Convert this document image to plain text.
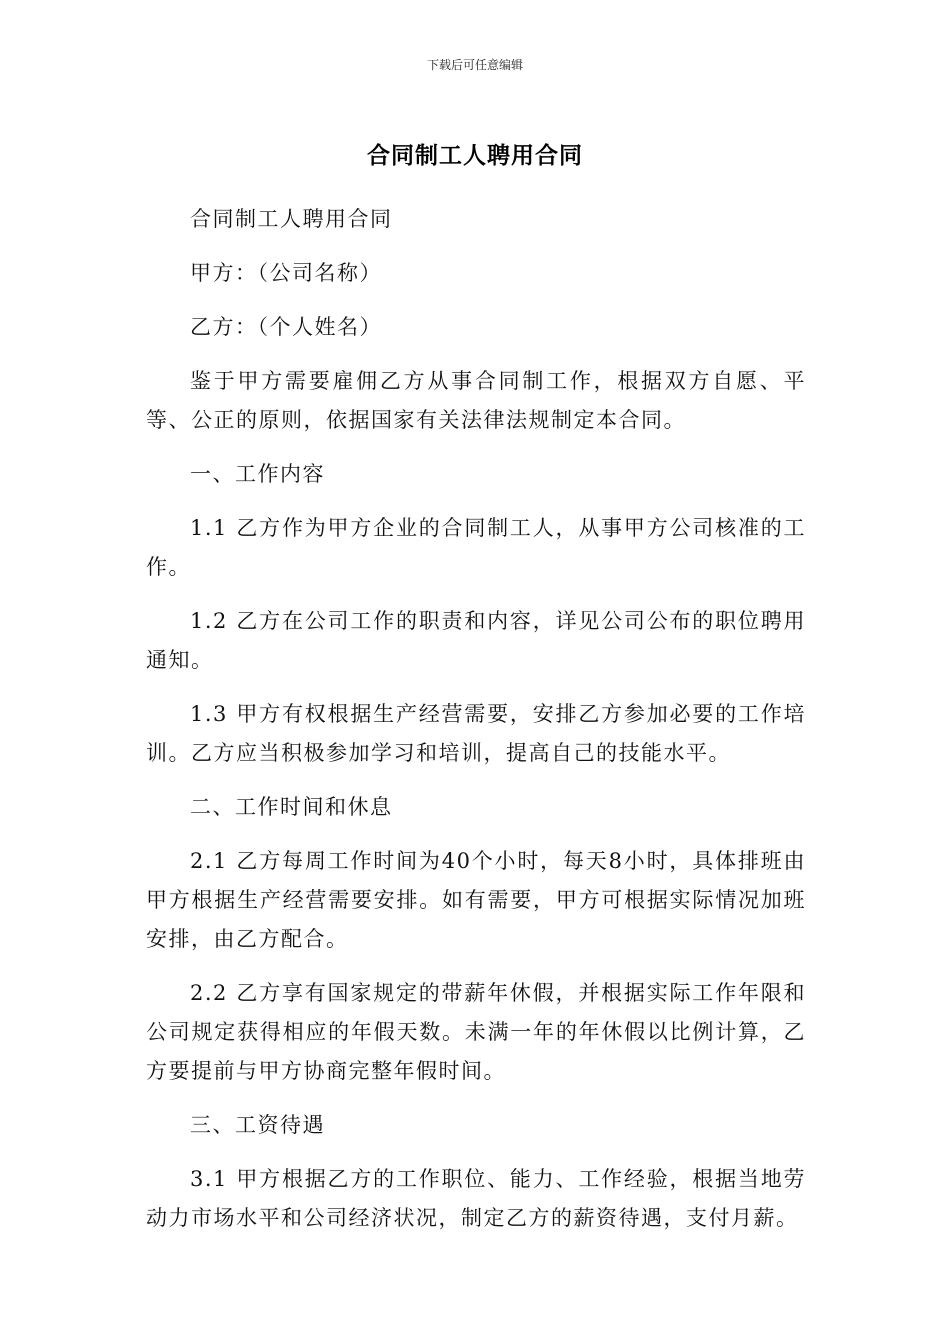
下载后可任意编辑
合同制工人聘用合同

合同制工人聘用合同

甲方：（公司名称）

乙方：（个人姓名）

鉴于甲方需要雇佣乙方从事合同制工作，根据双方自愿、平等、公正的原则，依据国家有关法律法规制定本合同。

一、工作内容

1.1 乙方作为甲方企业的合同制工人，从事甲方公司核准的工作。

1.2 乙方在公司工作的职责和内容，详见公司公布的职位聘用通知。

1.3 甲方有权根据生产经营需要，安排乙方参加必要的工作培训。乙方应当积极参加学习和培训，提高自己的技能水平。

二、工作时间和休息

2.1 乙方每周工作时间为40个小时，每天8小时，具体排班由甲方根据生产经营需要安排。如有需要，甲方可根据实际情况加班安排，由乙方配合。

2.2 乙方享有国家规定的带薪年休假，并根据实际工作年限和公司规定获得相应的年假天数。未满一年的年休假以比例计算，乙方要提前与甲方协商完整年假时间。

三、工资待遇

3.1 甲方根据乙方的工作职位、能力、工作经验，根据当地劳动力市场水平和公司经济状况，制定乙方的薪资待遇，支付月薪。
